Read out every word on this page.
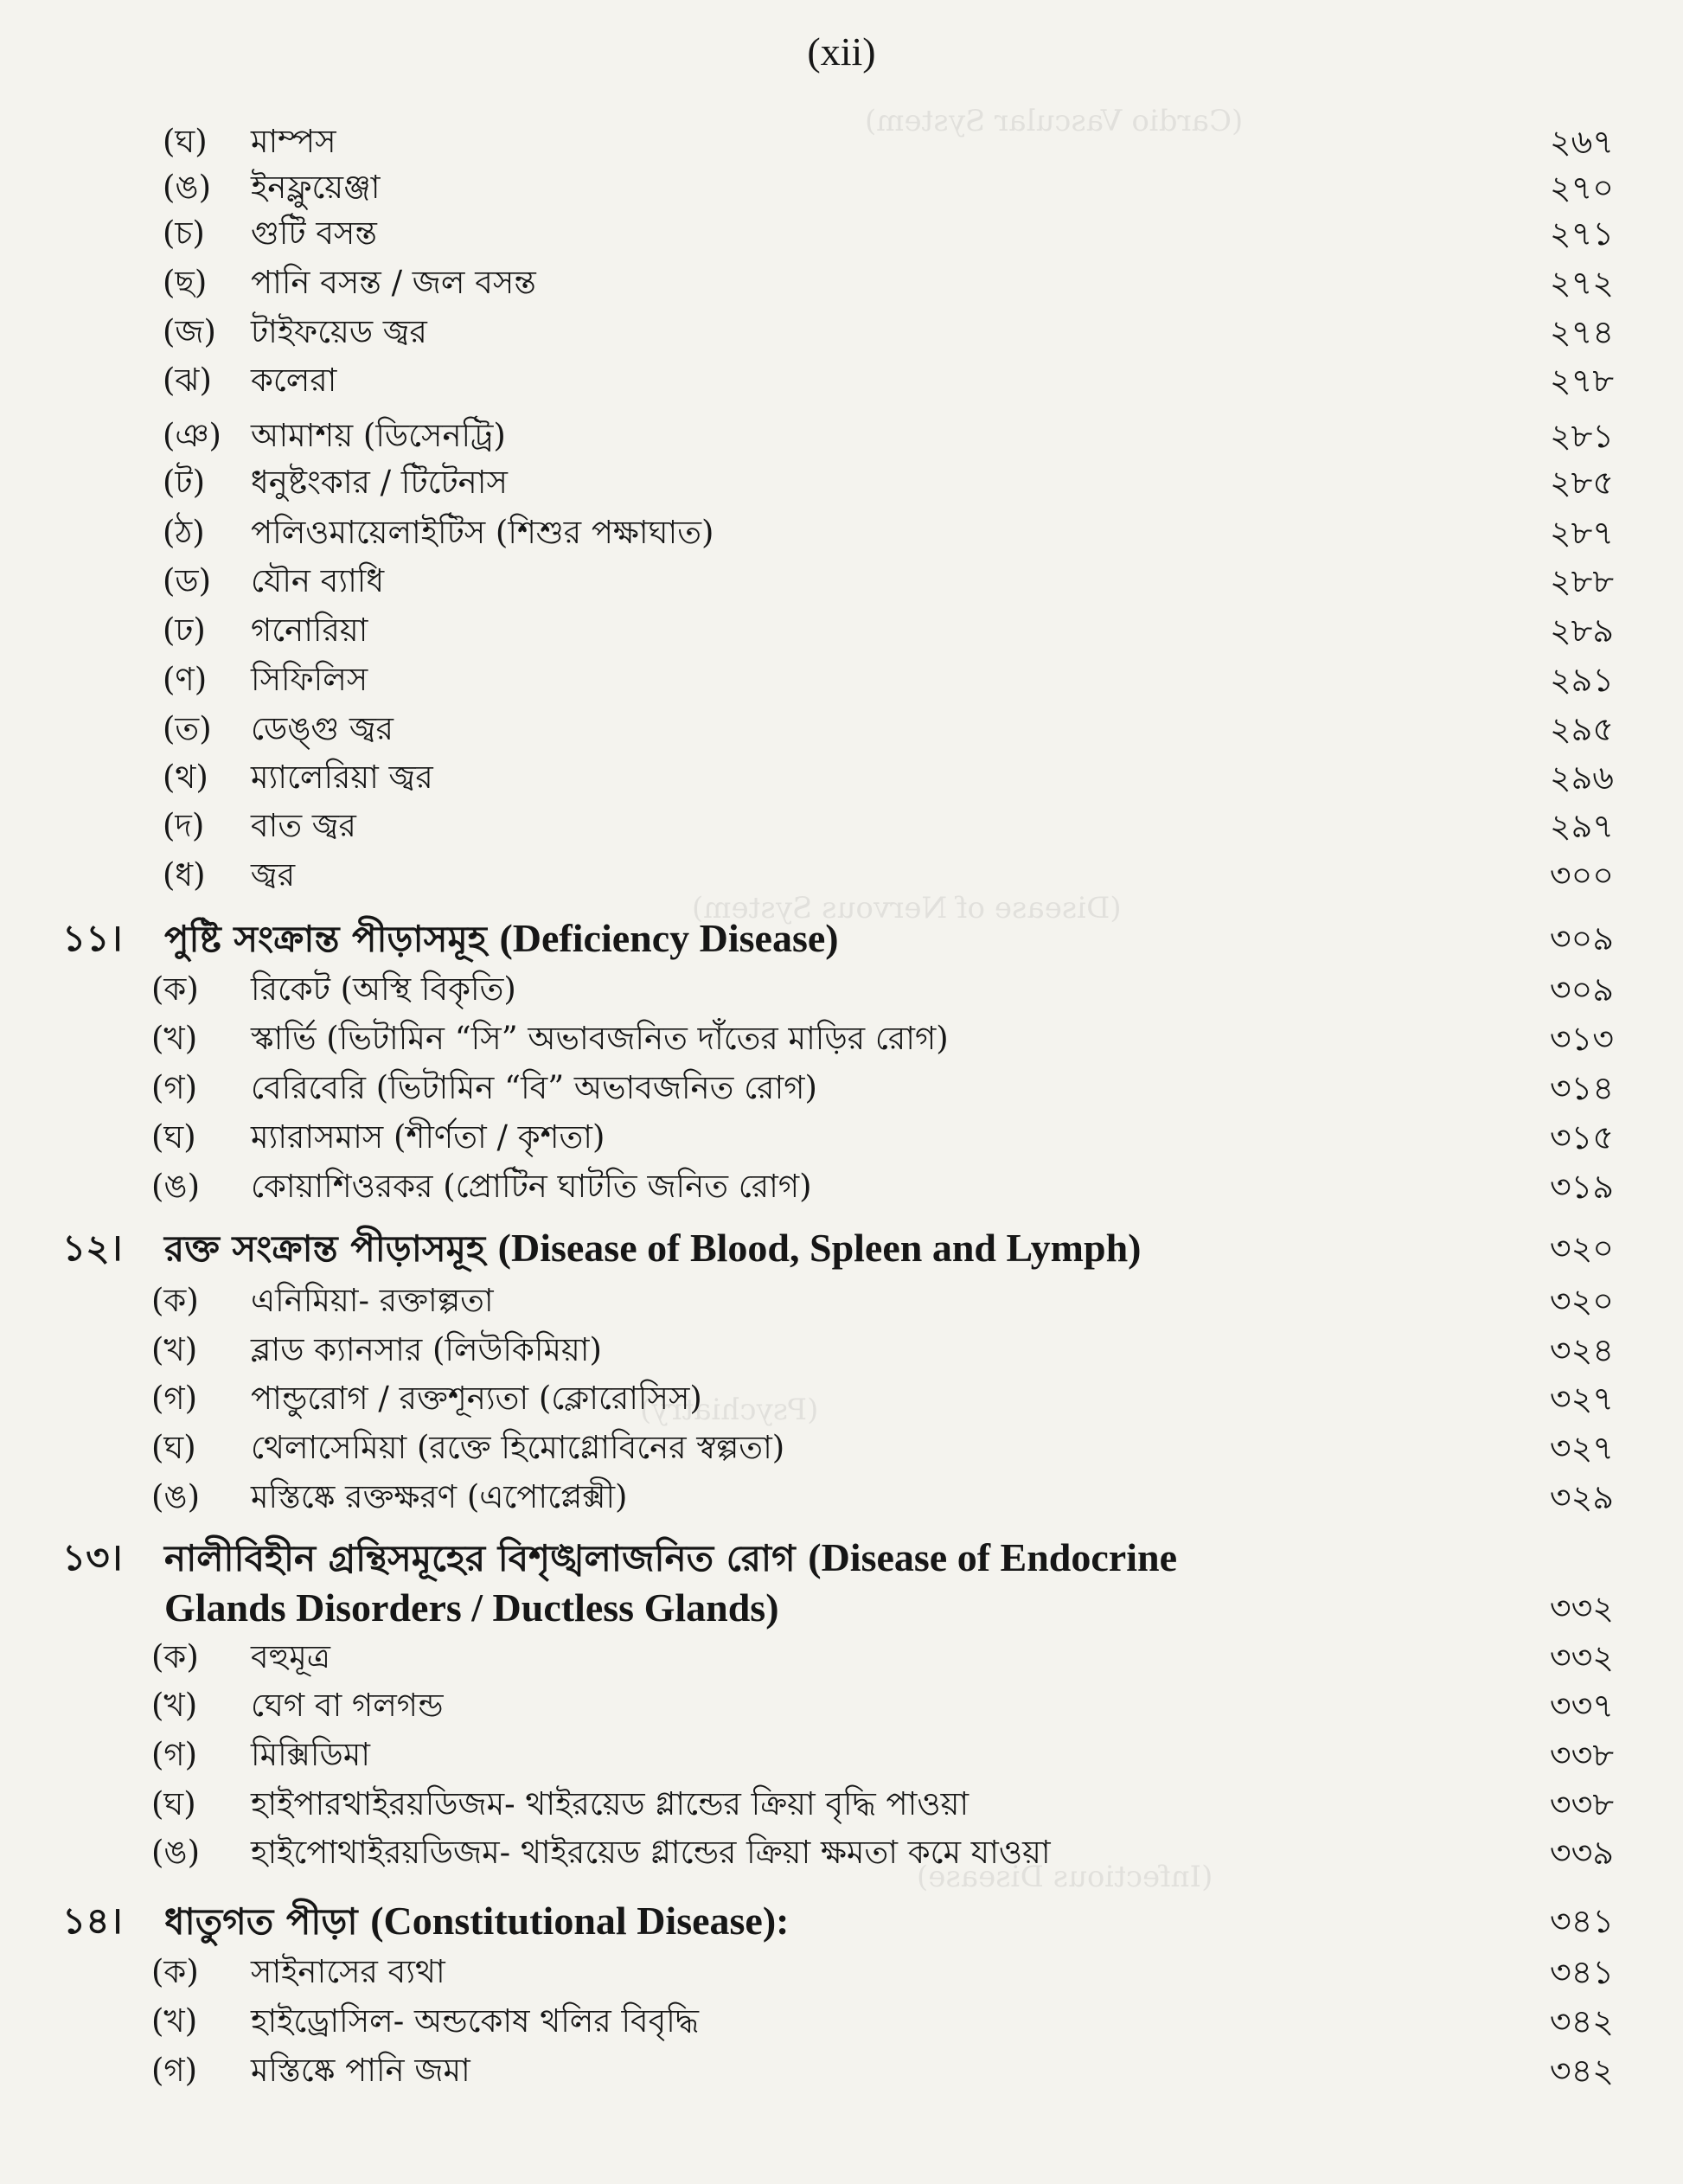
(Cardio Vascular System)
(Disease of Nervous System)
(Psychiatry)
(Infectious Disease)
(xii)
(ঘ) মাম্পস	২৬৭
(ঙ) ইনফ্লুয়েঞ্জা	২৭০
(চ) গুটি বসন্ত	২৭১
(ছ) পানি বসন্ত / জল বসন্ত	২৭২
(জ) টাইফয়েড জ্বর	২৭৪
(ঝ) কলেরা	২৭৮
(ঞ) আমাশয় (ডিসেনট্রি)	২৮১
(ট) ধনুষ্টংকার / টিটেনাস	২৮৫
(ঠ) পলিওমায়েলাইটিস (শিশুর পক্ষাঘাত)	২৮৭
(ড) যৌন ব্যাধি	২৮৮
(ঢ) গনোরিয়া	২৮৯
(ণ) সিফিলিস	২৯১
(ত) ডেঙ্গু জ্বর	২৯৫
(থ) ম্যালেরিয়া জ্বর	২৯৬
(দ) বাত জ্বর	২৯৭
(ধ) জ্বর	৩০০
১১। পুষ্টি সংক্রান্ত পীড়াসমূহ (Deficiency Disease)	৩০৯
(ক) রিকেট (অস্থি বিকৃতি)	৩০৯
(খ) স্কার্ভি (ভিটামিন “সি” অভাবজনিত দাঁতের মাড়ির রোগ)	৩১৩
(গ) বেরিবেরি (ভিটামিন “বি” অভাবজনিত রোগ)	৩১৪
(ঘ) ম্যারাসমাস (শীর্ণতা / কৃশতা)	৩১৫
(ঙ) কোয়াশিওরকর (প্রোটিন ঘাটতি জনিত রোগ)	৩১৯
১২। রক্ত সংক্রান্ত পীড়াসমূহ (Disease of Blood, Spleen and Lymph)	৩২০
(ক) এনিমিয়া- রক্তাল্পতা	৩২০
(খ) ব্লাড ক্যানসার (লিউকিমিয়া)	৩২৪
(গ) পান্ডুরোগ / রক্তশূন্যতা (ক্লোরোসিস)	৩২৭
(ঘ) থেলাসেমিয়া (রক্তে হিমোগ্লোবিনের স্বল্পতা)	৩২৭
(ঙ) মস্তিষ্কে রক্তক্ষরণ (এপোপ্লেক্সী)	৩২৯
১৩। নালীবিহীন গ্রন্থিসমূহের বিশৃঙ্খলাজনিত রোগ (Disease of Endocrine
Glands Disorders / Ductless Glands)	৩৩২
(ক) বহুমূত্র	৩৩২
(খ) ঘেগ বা গলগন্ড	৩৩৭
(গ) মিক্সিডিমা	৩৩৮
(ঘ) হাইপারথাইরয়ডিজম- থাইরয়েড গ্লান্ডের ক্রিয়া বৃদ্ধি পাওয়া	৩৩৮
(ঙ) হাইপোথাইরয়ডিজম- থাইরয়েড গ্লান্ডের ক্রিয়া ক্ষমতা কমে যাওয়া	৩৩৯
১৪। ধাতুগত পীড়া (Constitutional Disease):	৩৪১
(ক) সাইনাসের ব্যথা	৩৪১
(খ) হাইড্রোসিল- অন্ডকোষ থলির বিবৃদ্ধি	৩৪২
(গ) মস্তিষ্কে পানি জমা	৩৪২
